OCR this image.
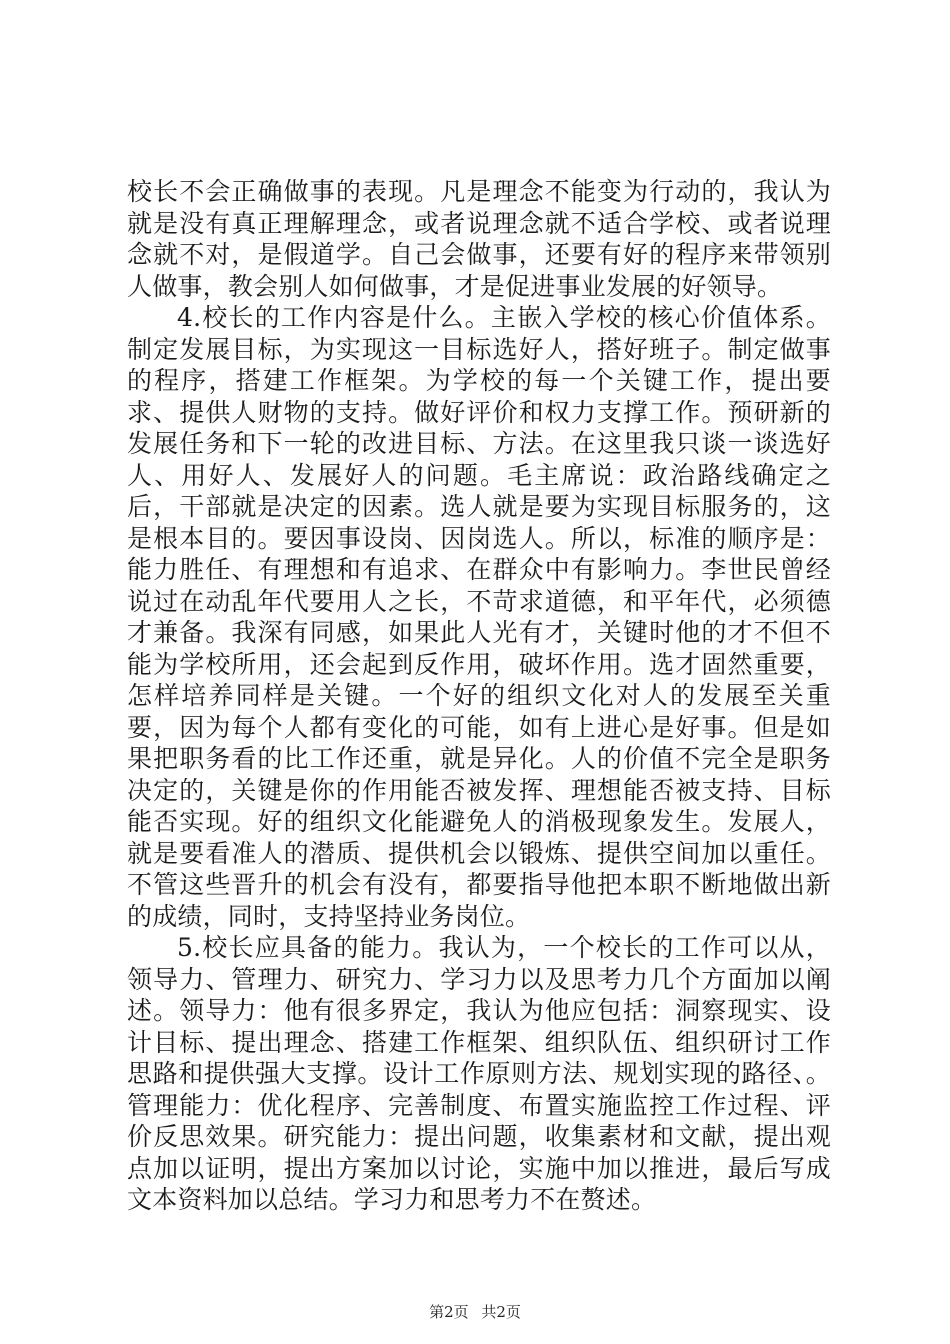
校长不会正确做事的表现。凡是理念不能变为行动的，我认为就是没有真正理解理念，或者说理念就不适合学校、或者说理念就不对，是假道学。自己会做事，还要有好的程序来带领别人做事，教会别人如何做事，才是促进事业发展的好领导。

4.校长的工作内容是什么。主嵌入学校的核心价值体系。制定发展目标，为实现这一目标选好人，搭好班子。制定做事的程序，搭建工作框架。为学校的每一个关键工作，提出要求、提供人财物的支持。做好评价和权力支撑工作。预研新的发展任务和下一轮的改进目标、方法。在这里我只谈一谈选好人、用好人、发展好人的问题。毛主席说：政治路线确定之后，干部就是决定的因素。选人就是要为实现目标服务的，这是根本目的。要因事设岗、因岗选人。所以，标准的顺序是：能力胜任、有理想和有追求、在群众中有影响力。李世民曾经说过在动乱年代要用人之长，不苛求道德，和平年代，必须德才兼备。我深有同感，如果此人光有才，关键时他的才不但不能为学校所用，还会起到反作用，破坏作用。选才固然重要，怎样培养同样是关键。一个好的组织文化对人的发展至关重要，因为每个人都有变化的可能，如有上进心是好事。但是如果把职务看的比工作还重，就是异化。人的价值不完全是职务决定的，关键是你的作用能否被发挥、理想能否被支持、目标能否实现。好的组织文化能避免人的消极现象发生。发展人，就是要看准人的潜质、提供机会以锻炼、提供空间加以重任。不管这些晋升的机会有没有，都要指导他把本职不断地做出新的成绩，同时，支持坚持业务岗位。

5.校长应具备的能力。我认为，一个校长的工作可以从，领导力、管理力、研究力、学习力以及思考力几个方面加以阐述。领导力：他有很多界定，我认为他应包括：洞察现实、设计目标、提出理念、搭建工作框架、组织队伍、组织研讨工作思路和提供强大支撑。设计工作原则方法、规划实现的路径、。管理能力：优化程序、完善制度、布置实施监控工作过程、评价反思效果。研究能力：提出问题，收集素材和文献，提出观点加以证明，提出方案加以讨论，实施中加以推进，最后写成文本资料加以总结。学习力和思考力不在赘述。

第2页 共2页
